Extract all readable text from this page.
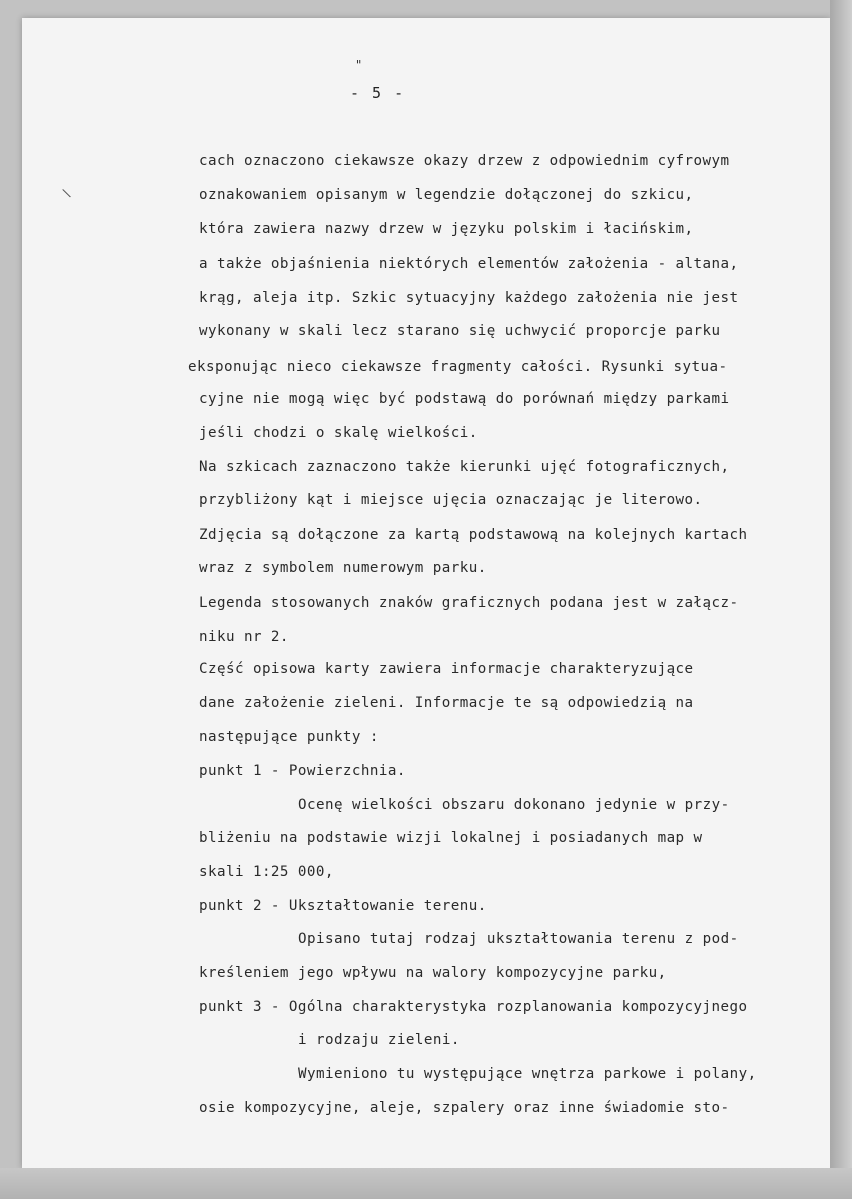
"
- 5 -
\
cach oznaczono ciekawsze okazy drzew z odpowiednim cyfrowym
oznakowaniem opisanym w legendzie dołączonej do szkicu,
która zawiera nazwy drzew w języku polskim i łacińskim,
a także objaśnienia niektórych elementów założenia - altana,
krąg, aleja itp. Szkic sytuacyjny każdego założenia nie jest
wykonany w skali lecz starano się uchwycić proporcje parku
eksponując nieco ciekawsze fragmenty całości. Rysunki sytua-
cyjne nie mogą więc być podstawą do porównań między parkami
jeśli chodzi o skalę wielkości.
Na szkicach zaznaczono także kierunki ujęć fotograficznych,
przybliżony kąt i miejsce ujęcia oznaczając je literowo.
Zdjęcia są dołączone za kartą podstawową na kolejnych kartach
wraz z symbolem numerowym parku.
Legenda stosowanych znaków graficznych podana jest w załącz-
niku nr 2.
Część opisowa karty zawiera informacje charakteryzujące
dane założenie zieleni. Informacje te są odpowiedzią na
następujące punkty :
punkt 1 - Powierzchnia.
Ocenę wielkości obszaru dokonano jedynie w przy-
bliżeniu na podstawie wizji lokalnej i posiadanych map w
skali 1:25 000,
punkt 2 - Ukształtowanie terenu.
Opisano tutaj rodzaj ukształtowania terenu z pod-
kreśleniem jego wpływu na walory kompozycyjne parku,
punkt 3 - Ogólna charakterystyka rozplanowania kompozycyjnego
i rodzaju zieleni.
Wymieniono tu występujące wnętrza parkowe i polany,
osie kompozycyjne, aleje, szpalery oraz inne świadomie sto-
